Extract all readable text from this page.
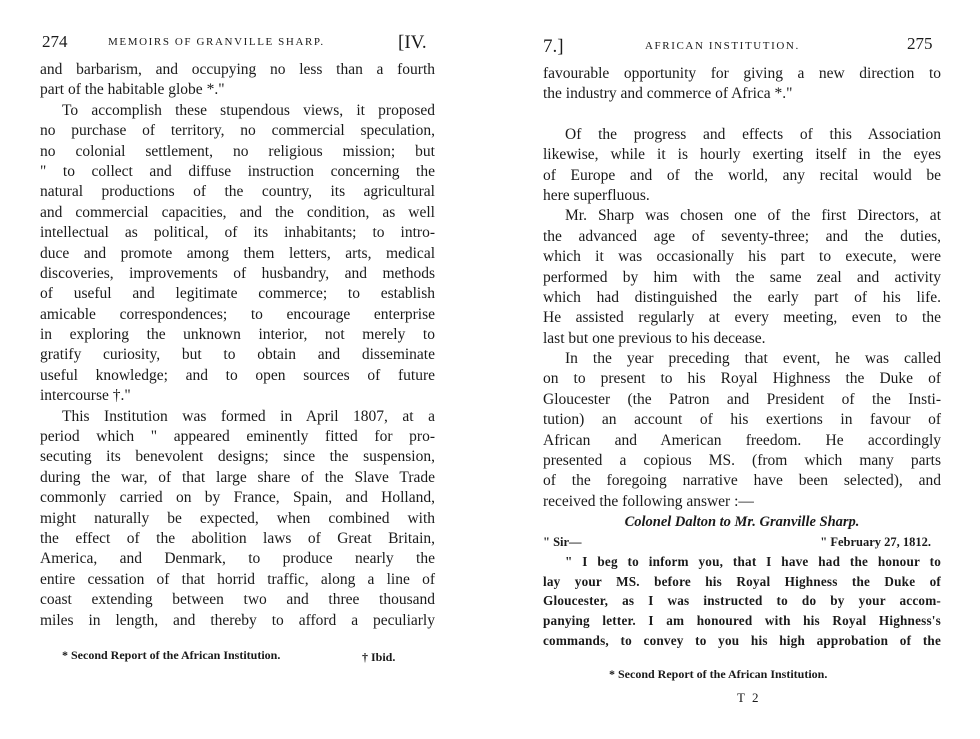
274	MEMOIRS OF GRANVILLE SHARP.	[IV.
and barbarism, and occupying no less than a fourth
part of the habitable globe *."
To accomplish these stupendous views, it proposed
no purchase of territory, no commercial speculation,
no colonial settlement, no religious mission; but
" to collect and diffuse instruction concerning the
natural productions of the country, its agricultural
and commercial capacities, and the condition, as well
intellectual as political, of its inhabitants; to intro-
duce and promote among them letters, arts, medical
discoveries, improvements of husbandry, and methods
of useful and legitimate commerce; to establish
amicable correspondences; to encourage enterprise
in exploring the unknown interior, not merely to
gratify curiosity, but to obtain and disseminate
useful knowledge; and to open sources of future
intercourse †."
This Institution was formed in April 1807, at a
period which " appeared eminently fitted for pro-
secuting its benevolent designs; since the suspension,
during the war, of that large share of the Slave Trade
commonly carried on by France, Spain, and Holland,
might naturally be expected, when combined with
the effect of the abolition laws of Great Britain,
America, and Denmark, to produce nearly the
entire cessation of that horrid traffic, along a line of
coast extending between two and three thousand
miles in length, and thereby to afford a peculiarly
* Second Report of the African Institution.	† Ibid.
7.]	AFRICAN INSTITUTION.	275
favourable opportunity for giving a new direction to
the industry and commerce of Africa *."
Of the progress and effects of this Association
likewise, while it is hourly exerting itself in the eyes
of Europe and of the world, any recital would be
here superfluous.
Mr. Sharp was chosen one of the first Directors, at
the advanced age of seventy-three; and the duties,
which it was occasionally his part to execute, were
performed by him with the same zeal and activity
which had distinguished the early part of his life.
He assisted regularly at every meeting, even to the
last but one previous to his decease.
In the year preceding that event, he was called
on to present to his Royal Highness the Duke of
Gloucester (the Patron and President of the Insti-
tution) an account of his exertions in favour of
African and American freedom. He accordingly
presented a copious MS. (from which many parts
of the foregoing narrative have been selected), and
received the following answer :—
Colonel Dalton to Mr. Granville Sharp.
" Sir—	" February 27, 1812.
" I beg to inform you, that I have had the honour to
lay your MS. before his Royal Highness the Duke of
Gloucester, as I was instructed to do by your accom-
panying letter. I am honoured with his Royal Highness's
commands, to convey to you his high approbation of the
* Second Report of the African Institution.
T 2
